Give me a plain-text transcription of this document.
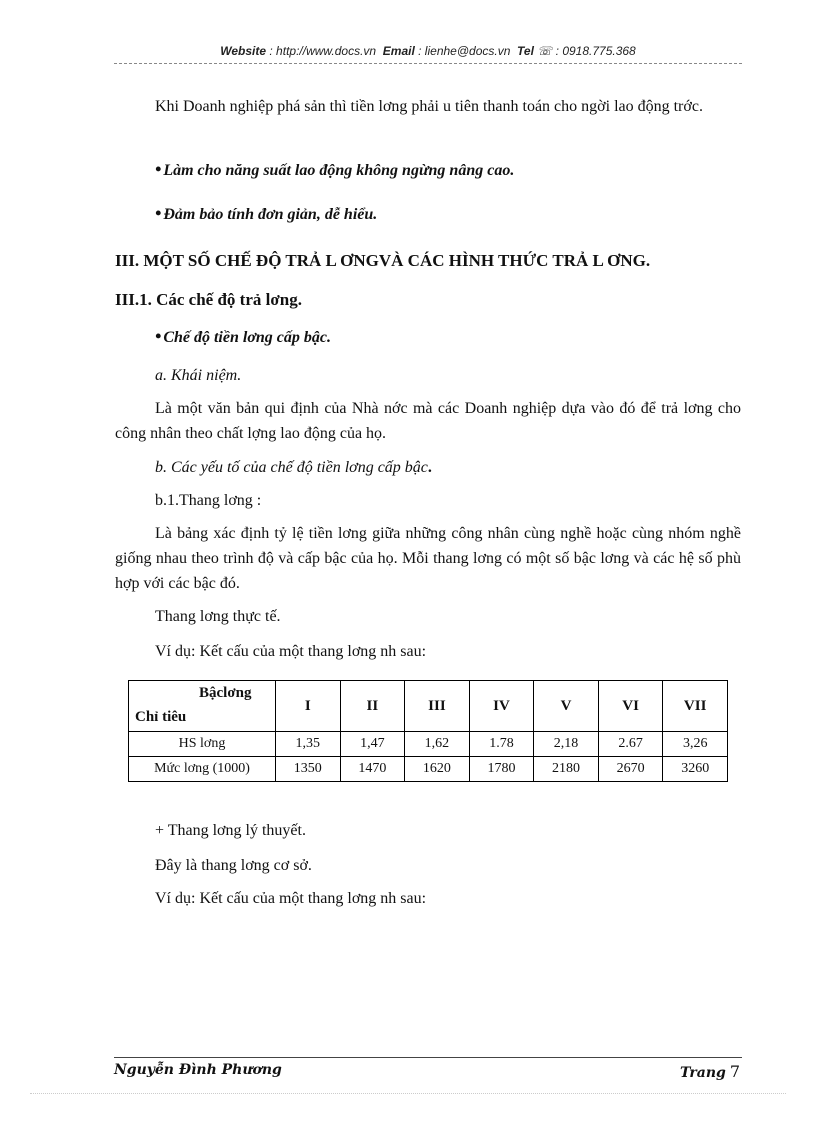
Website : http://www.docs.vn Email : lienhe@docs.vn Tel ☏ : 0918.775.368
Khi Doanh nghiệp phá sản thì tiền lơng phải u tiên thanh toán cho ngời lao động trớc.
• Làm cho năng suất lao động không ngừng nâng cao.
• Đảm bảo tính đơn giản, dễ hiểu.
III. MỘT SỐ CHẾ ĐỘ TRẢ L ƠNGVÀ CÁC HÌNH THỨC TRẢ L ƠNG.
III.1. Các chế độ trả lơng.
• Chế độ tiền lơng cấp bậc.
a. Khái niệm.
Là một văn bản qui định của Nhà nớc mà các Doanh nghiệp dựa vào đó để trả lơng cho công nhân theo chất lợng lao động của họ.
b. Các yếu tố của chế độ tiền lơng cấp bậc.
b.1.Thang lơng :
Là bảng xác định tỷ lệ tiền lơng giữa những công nhân cùng nghề hoặc cùng nhóm nghề giống nhau theo trình độ và cấp bậc của họ. Mỗi thang lơng có một số bậc lơng và các hệ số phù hợp với các bậc đó.
Thang lơng thực tế.
Ví dụ: Kết cấu của một thang lơng nh sau:
Bậclơng
Chỉ tiêu	I	II	III	IV	V	VI	VII
HS lơng	1,35	1,47	1,62	1.78	2,18	2.67	3,26
Mức lơng (1000)	1350	1470	1620	1780	2180	2670	3260
+ Thang lơng lý thuyết.
Đây là thang lơng cơ sở.
Ví dụ: Kết cấu của một thang lơng nh sau:
Nguyễn Đình Phương	Trang 7
